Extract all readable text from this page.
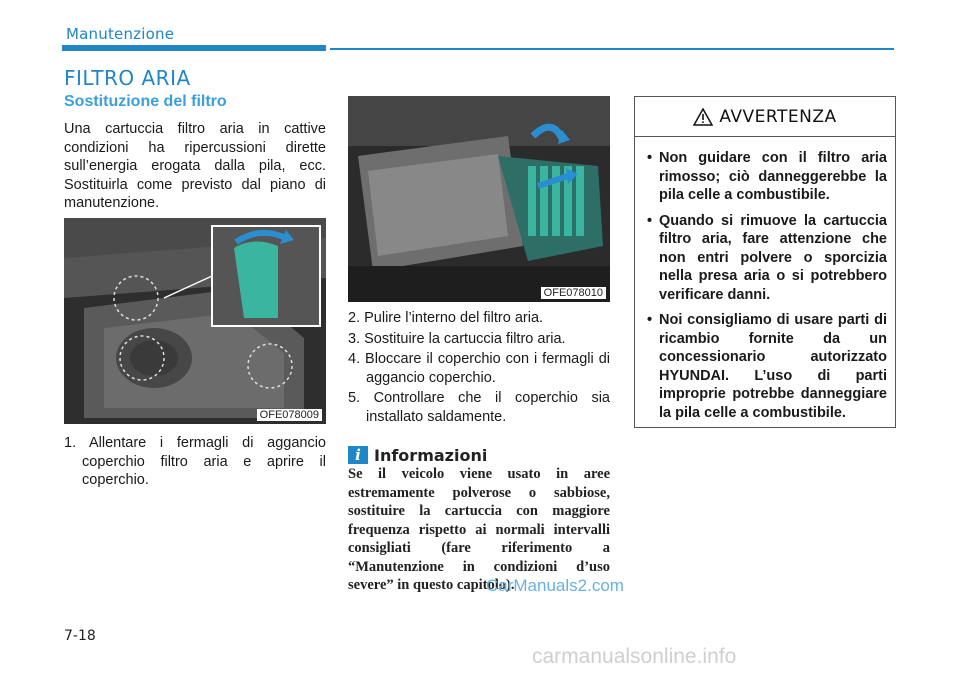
Manutenzione
FILTRO ARIA
Sostituzione del filtro
Una cartuccia filtro aria in cattive condizioni ha ripercussioni dirette sull’energia erogata dalla pila, ecc. Sostituirla come previsto dal piano di manutenzione.
OFE078009
1. Allentare i fermagli di aggancio coperchio filtro aria e aprire il coperchio.
OFE078010
2. Pulire l’interno del filtro aria.
3. Sostituire la cartuccia filtro aria.
4. Bloccare il coperchio con i fermagli di aggancio coperchio.
5. Controllare che il coperchio sia installato saldamente.
i Informazioni
Se il veicolo viene usato in aree estremamente polverose o sabbiose, sostituire la cartuccia con maggiore frequenza rispetto ai normali intervalli consigliati (fare riferimento a “Manutenzione in condizioni d’uso severe” in questo capitolo).
AVVERTENZA
• Non guidare con il filtro aria rimosso; ciò danneggerebbe la pila celle a combustibile.
• Quando si rimuove la cartuccia filtro aria, fare attenzione che non entri polvere o sporcizia nella presa aria o si potrebbero verificare danni.
• Noi consigliamo di usare parti di ricambio fornite da un concessionario autorizzato HYUNDAI. L’uso di parti improprie potrebbe danneggiare la pila celle a combustibile.
CarManuals2.com
7-18
carmanualsonline.info
